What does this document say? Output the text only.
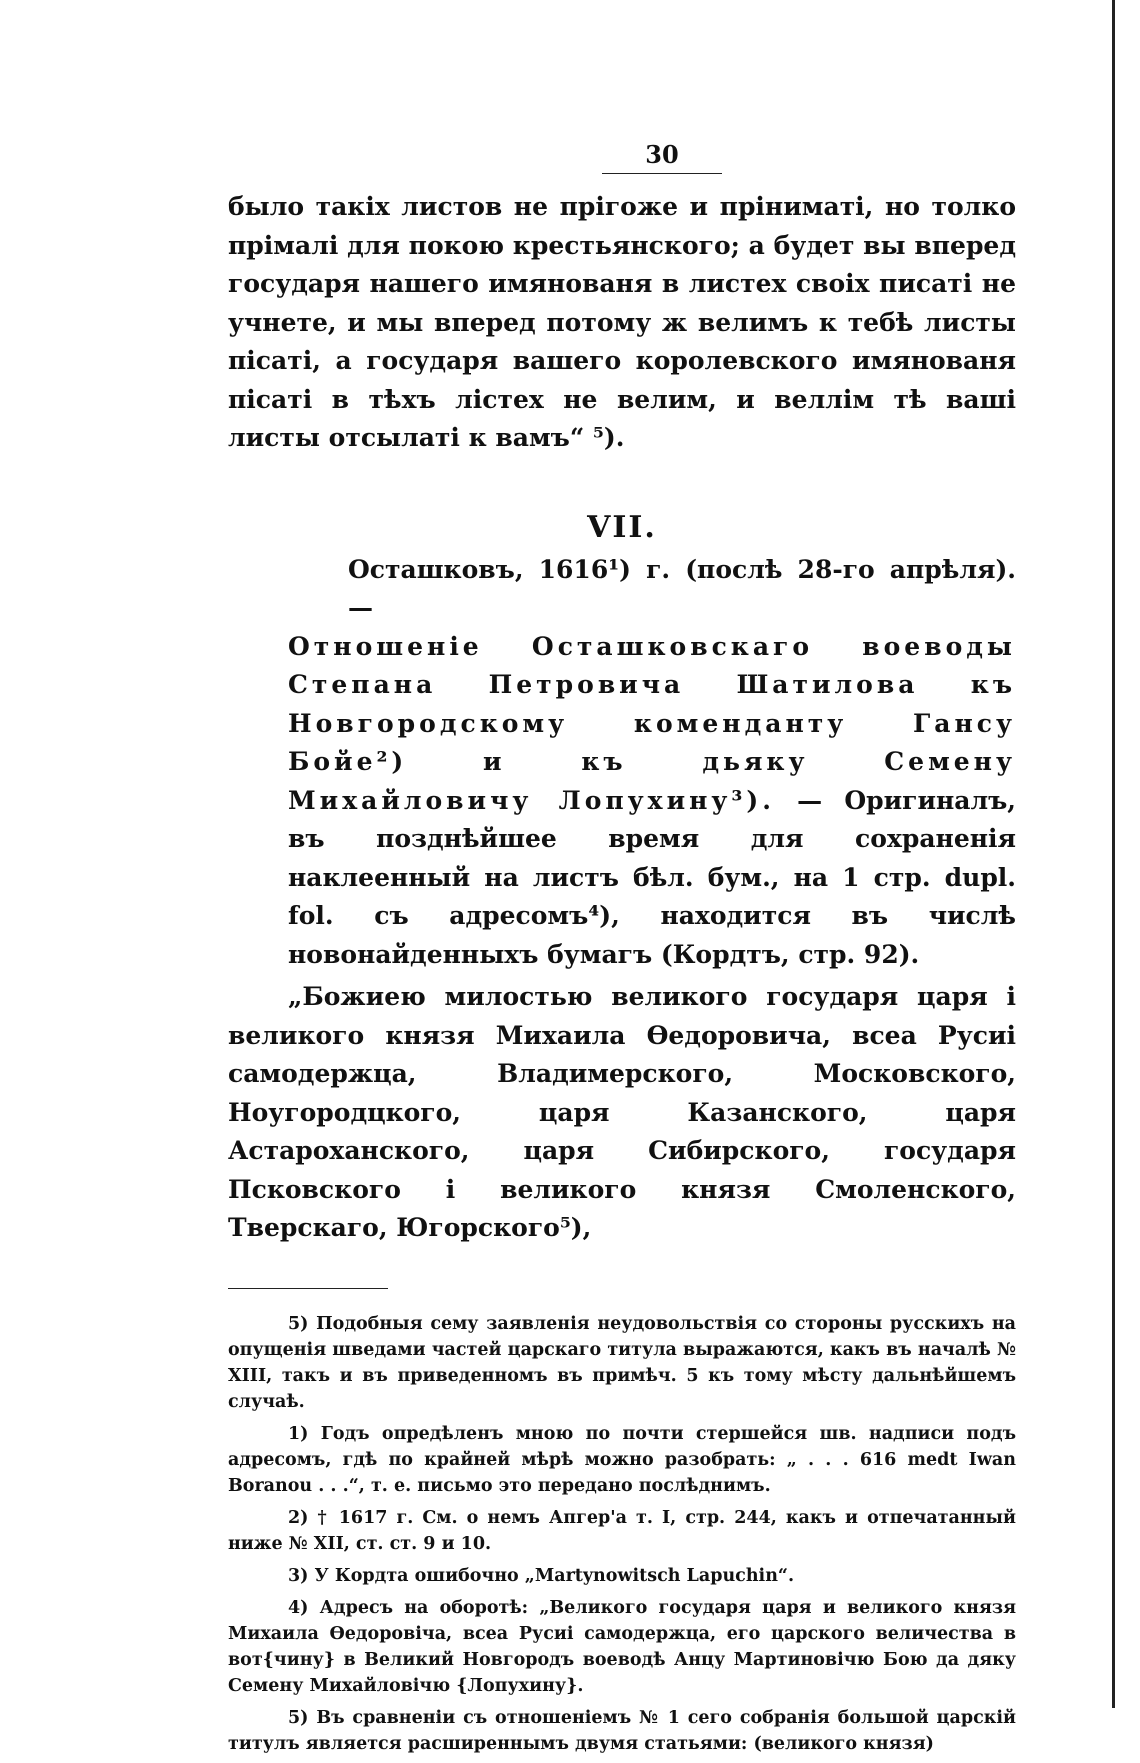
30

было такіх листов не прігоже и пріниматі, но толко прімалі для покою крестьянского; а будет вы вперед государя нашего имянованя в листех своіх писаті не учнете, и мы вперед потому ж велимъ к тебѣ листы пісаті, а государя вашего королевского имянованя пісаті в тѣхъ лістех не велим, и веллім тѣ вашi листы отсылаті к вамъ“ ⁵).

VII.
Осташковъ, 1616¹) г. (послѣ 28-го апрѣля). —
Отношеніе Осташковскаго воеводы Степана Петровича Шатилова къ Новгородскому коменданту Гансу Бойе²) и къ дьяку Семену Михайловичу Лопухину³). — Оригиналъ, въ позднѣйшее время для сохраненія наклеенный на листъ бѣл. бум., на 1 стр. dupl. fol. съ адресомъ⁴), находится въ числѣ новонайденныхъ бумагъ (Кордтъ, стр. 92).

„Божиею милостью великого государя царя і великого князя Михаила Өедоровича, всеа Русиі самодержца, Владимерского, Московского, Ноугородцкого, царя Казанского, царя Астароханского, царя Сибирского, государя Псковского і великого князя Смоленского, Тверскаго, Югорского⁵),

5) Подобныя сему заявленія неудовольствія со стороны русскихъ на опущенія шведами частей царскаго титула выражаются, какъ въ началѣ № XIII, такъ и въ приведенномъ въ примѣч. 5 къ тому мѣсту дальнѣйшемъ случаѣ.

1) Годъ опредѣленъ мною по почти стершейся шв. надписи подъ адресомъ, гдѣ по крайней мѣрѣ можно разобрать: „ . . . 616 medt Iwan Boranou . . .“, т. е. письмо это передано послѣднимъ.

2) † 1617 г. См. о немъ Апгер'а т. I, стр. 244, какъ и отпечатанный ниже № XII, ст. ст. 9 и 10.

3) У Кордта ошибочно „Martynowitsch Lapuchin“.

4) Адресъ на оборотѣ: „Великого государя царя и великого князя Михаила Өедоровіча, всеа Русиі самодержца, его царского величества в вот{чину} в Великий Новгородъ воеводѣ Анцу Мартиновічю Бою да дяку Семену Михайловічю {Лопухину}.

5) Въ сравненіи съ отношеніемъ № 1 сего собранія большой царскій титулъ является расширеннымъ двумя статьями: (великого князя)
